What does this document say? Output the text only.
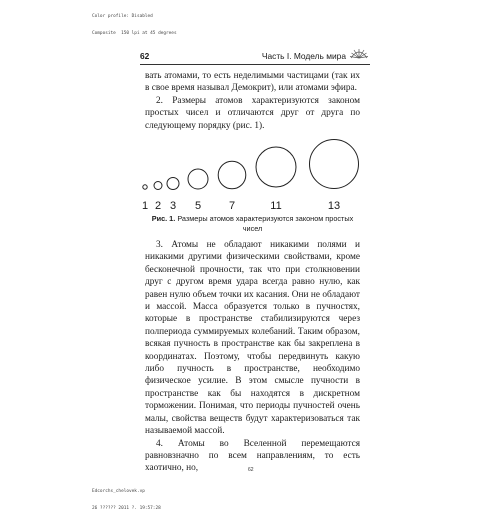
Color profile: Disabled

Composite  150 lpi at 45 degrees

62	Часть I. Модель мира

вать атомами, то есть неделимыми частицами (так их в свое время называл Демокрит), или атомами эфира.

2. Размеры атомов характеризуются законом простых чисел и отличаются друг от друга по следующему порядку (рис. 1).

1 2 3 5	7	11	13
Рис. 1. Размеры атомов характеризуются законом простых чисел

3. Атомы не обладают никакими полями и никакими другими физическими свойствами, кроме бесконечной прочности, так что при столкновении друг с другом время удара всегда равно нулю, как равен нулю объем точки их касания. Они не обладают и массой. Масса образуется только в пучностях, которые в пространстве стабилизируются через полпериода суммируемых колебаний. Таким образом, всякая пучность в пространстве как бы закреплена в координатах. Поэтому, чтобы передвинуть какую либо пучность в пространстве, необходимо физическое усилие. В этом смысле пучности в пространстве как бы находятся в дискретном торможении. Понимая, что периоды пучностей очень малы, свойства веществ будут характеризоваться так называемой массой.

4. Атомы во Вселенной перемещаются равновзначно по всем направлениям, то есть хаотично, но,	62

Edcorchs_chelovek.vp

26 ?????? 2011 ?. 19:57:28
